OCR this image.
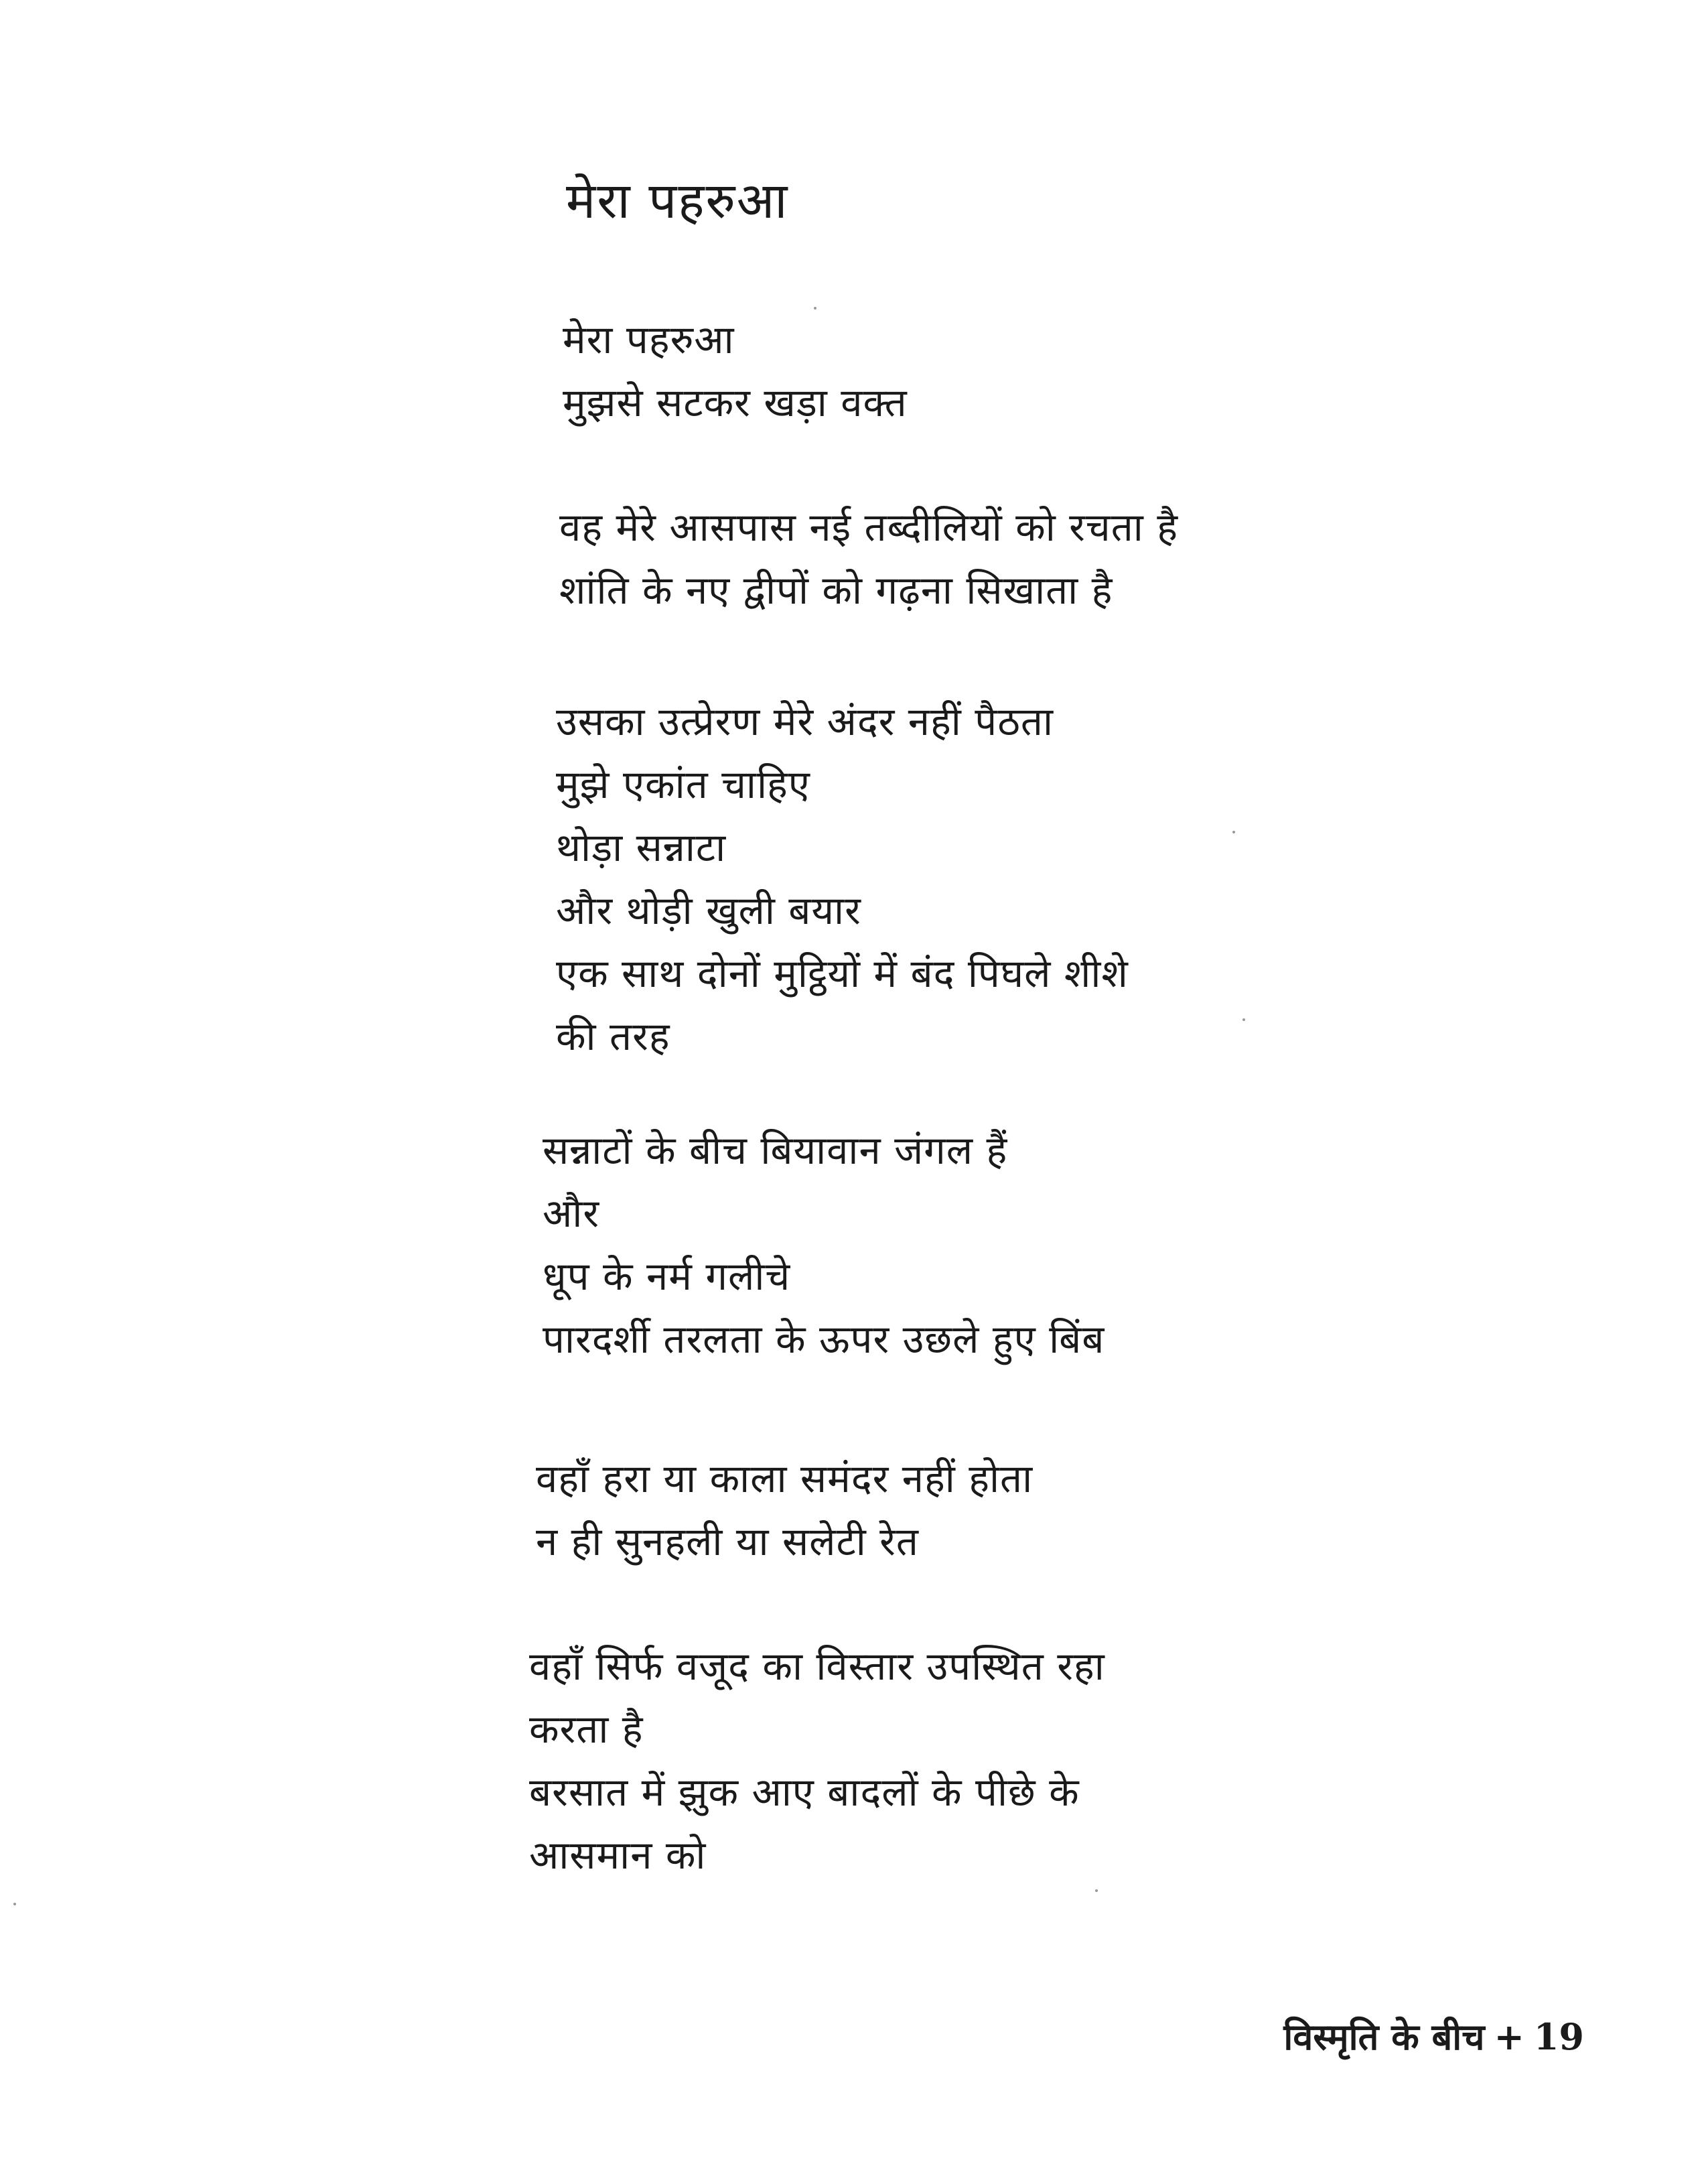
मेरा पहरुआ
मेरा पहरुआ
मुझसे सटकर खड़ा वक्त
वह मेरे आसपास नई तब्दीलियों को रचता है
शांति के नए द्वीपों को गढ़ना सिखाता है
उसका उत्प्रेरण मेरे अंदर नहीं पैठता
मुझे एकांत चाहिए
थोड़ा सन्नाटा
और थोड़ी खुली बयार
एक साथ दोनों मुट्ठियों में बंद पिघले शीशे
की तरह
सन्नाटों के बीच बियावान जंगल हैं
और
धूप के नर्म गलीचे
पारदर्शी तरलता के ऊपर उछले हुए बिंब
वहाँ हरा या काला समंदर नहीं होता
न ही सुनहली या सलेटी रेत
वहाँ सिर्फ वजूद का विस्तार उपस्थित रहा
करता है
बरसात में झुक आए बादलों के पीछे के
आसमान को
विस्मृति के बीच + 19
